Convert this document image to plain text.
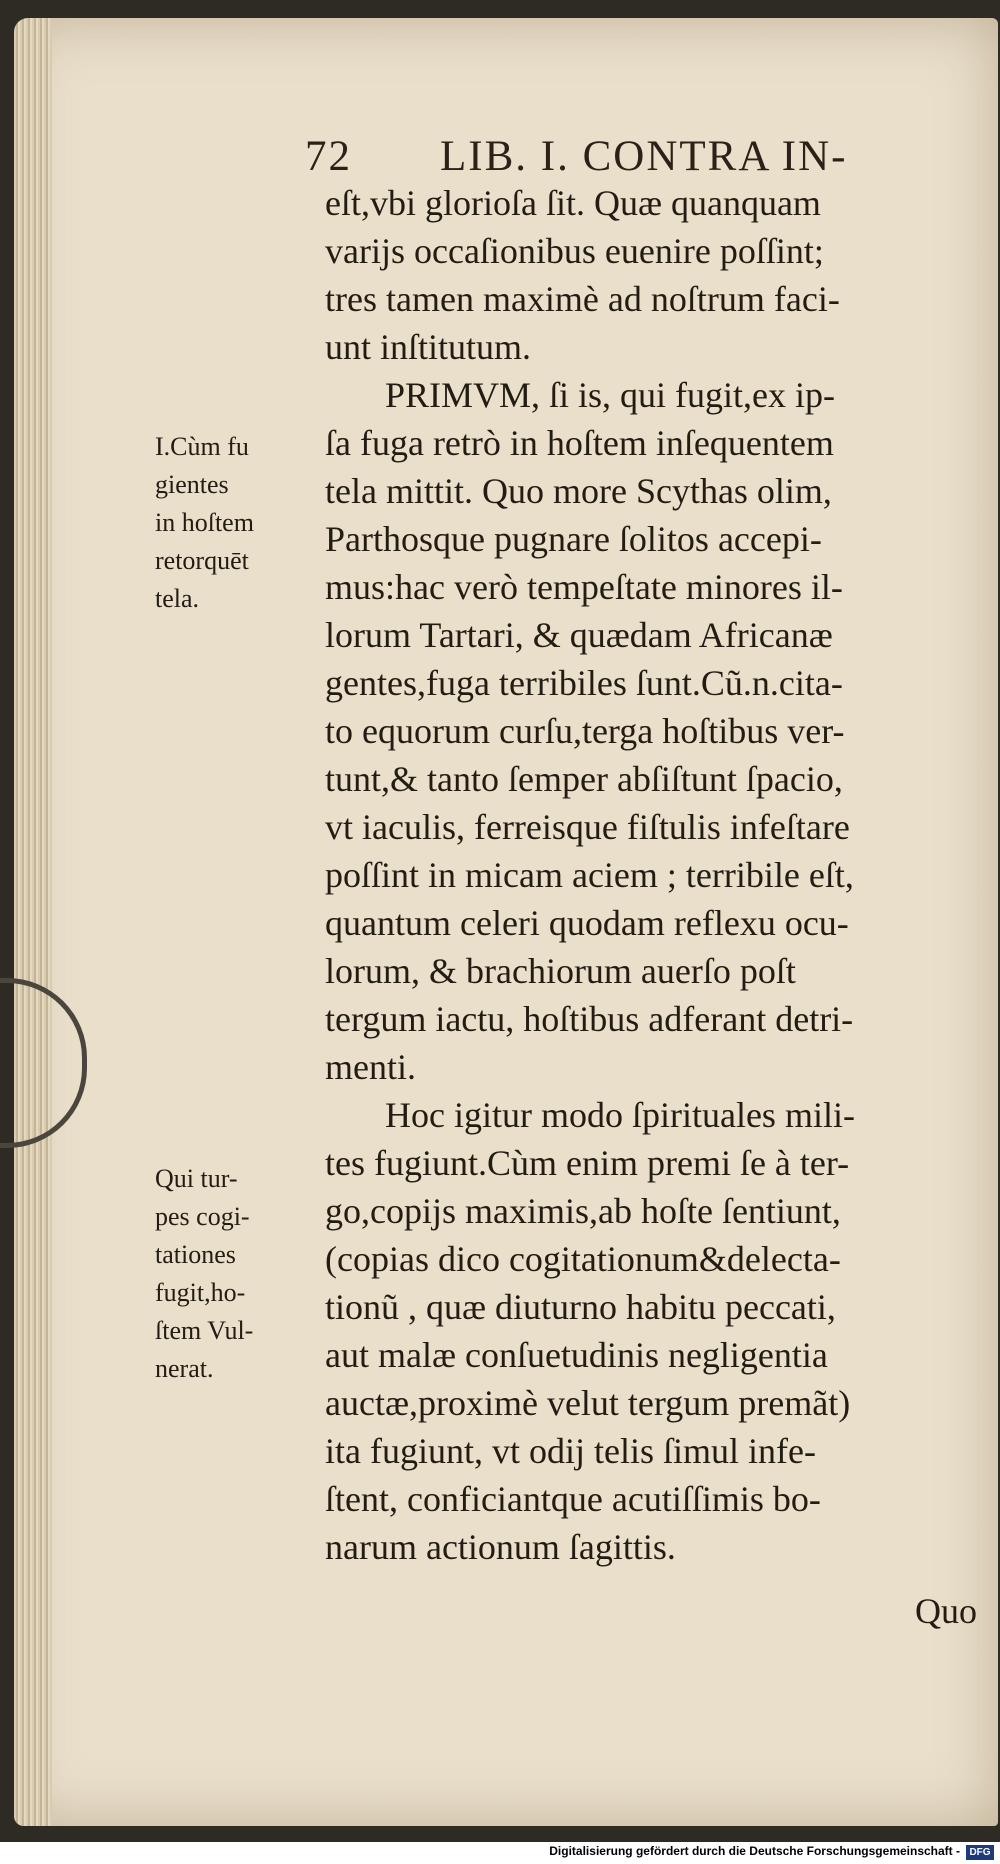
72 LIB. I. CONTRA IN-
eſt,vbi glorioſa ſit. Quæ quanquam
varijs occaſionibus euenire poſſint;
tres tamen maximè ad noſtrum faci-
unt inſtitutum.
PRIMVM, ſi is, qui fugit,ex ip-
ſa fuga retrò in hoſtem inſequentem
tela mittit. Quo more Scythas olim,
Parthosque pugnare ſolitos accepi-
mus:hac verò tempeſtate minores il-
lorum Tartari, & quædam Africanæ
gentes,fuga terribiles ſunt.Cũ.n.cita-
to equorum curſu,terga hoſtibus ver-
tunt,& tanto ſemper abſiſtunt ſpacio,
vt iaculis, ferreisque fiſtulis infeſtare
poſſint in micam aciem ; terribile eſt,
quantum celeri quodam reflexu ocu-
lorum, & brachiorum auerſo poſt
tergum iactu, hoſtibus adferant detri-
menti.
Hoc igitur modo ſpirituales mili-
tes fugiunt.Cùm enim premi ſe à ter-
go,copijs maximis,ab hoſte ſentiunt,
(copias dico cogitationum&delecta-
tionũ , quæ diuturno habitu peccati,
aut malæ conſuetudinis negligentia
auctæ,proximè velut tergum premãt)
ita fugiunt, vt odij telis ſimul infe-
ſtent, conficiantque acutiſſimis bo-
narum actionum ſagittis.
I.Cùm fu
gientes
in hoſtem
retorquēt
tela.
Qui tur-
pes cogi-
tationes
fugit,ho-
ſtem Vul-
nerat.
Quo
Digitalisierung gefördert durch die Deutsche Forschungsgemeinschaft - DFG
